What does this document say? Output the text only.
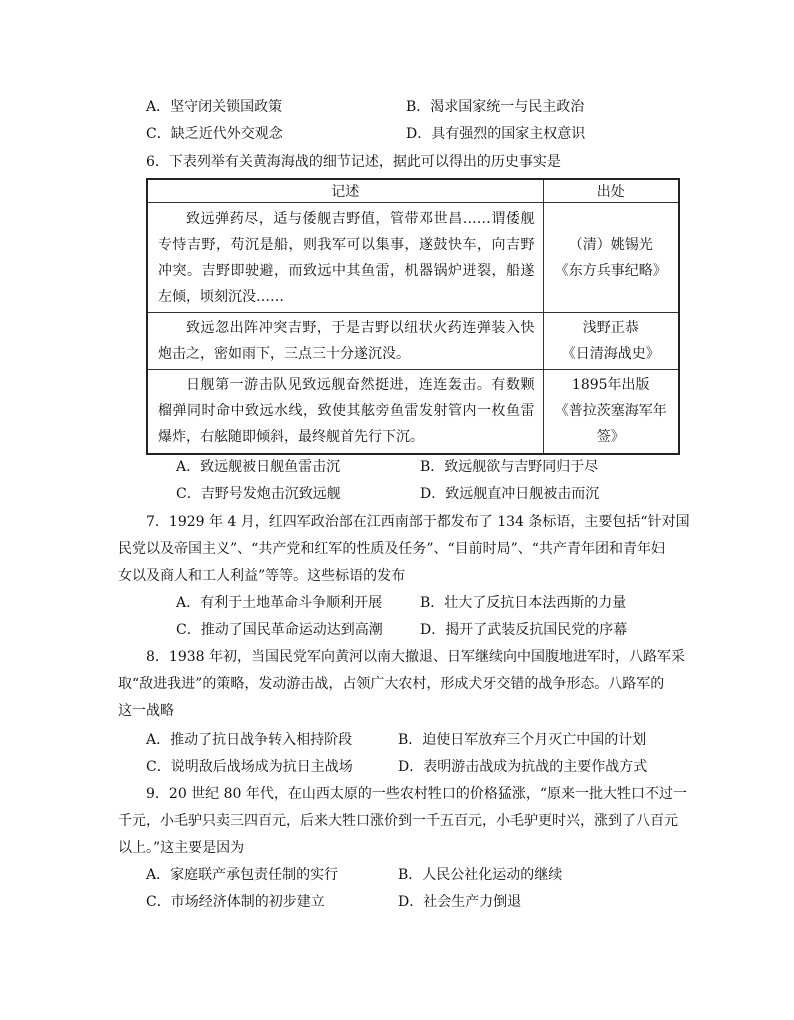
A．坚守闭关锁国政策	B．渴求国家统一与民主政治
C．缺乏近代外交观念	D．具有强烈的国家主权意识
6．下表列举有关黄海海战的细节记述，据此可以得出的历史事实是
记述	出处
致远弹药尽，适与倭舰吉野值，管带邓世昌……谓倭舰专恃吉野，苟沉是船，则我军可以集事，遂鼓快车，向吉野冲突。吉野即驶避，而致远中其鱼雷，机器锅炉迸裂，船遂左倾，顷刻沉没……	（清）姚锡光
《东方兵事纪略》

致远忽出阵冲突吉野，于是吉野以纽状火药连弹装入快炮击之，密如雨下，三点三十分遂沉没。	浅野正恭
《日清海战史》

日舰第一游击队见致远舰奋然挺进，连连轰击。有数颗榴弹同时命中致远水线，致使其舷旁鱼雷发射管内一枚鱼雷爆炸，右舷随即倾斜，最终舰首先行下沉。	1895年出版
《普拉茨塞海军年
签》
A．致远舰被日舰鱼雷击沉	B．致远舰欲与吉野同归于尽
C．吉野号发炮击沉致远舰	D．致远舰直冲日舰被击而沉
7．1929 年 4 月，红四军政治部在江西南部于都发布了 134 条标语，主要包括“针对国
民党以及帝国主义”、“共产党和红军的性质及任务”、“目前时局”、“共产青年团和青年妇
女以及商人和工人利益”等等。这些标语的发布
A．有利于土地革命斗争顺利开展	B．壮大了反抗日本法西斯的力量
C．推动了国民革命运动达到高潮	D．揭开了武装反抗国民党的序幕
8．1938 年初，当国民党军向黄河以南大撤退、日军继续向中国腹地进军时，八路军采
取“敌进我进”的策略，发动游击战，占领广大农村，形成犬牙交错的战争形态。八路军的
这一战略
A．推动了抗日战争转入相持阶段	B．迫使日军放弃三个月灭亡中国的计划
C．说明敌后战场成为抗日主战场	D．表明游击战成为抗战的主要作战方式
9．20 世纪 80 年代，在山西太原的一些农村牲口的价格猛涨，“原来一批大牲口不过一
千元，小毛驴只卖三四百元，后来大牲口涨价到一千五百元，小毛驴更时兴，涨到了八百元
以上。”这主要是因为
A．家庭联产承包责任制的实行	B．人民公社化运动的继续
C．市场经济体制的初步建立	D．社会生产力倒退
